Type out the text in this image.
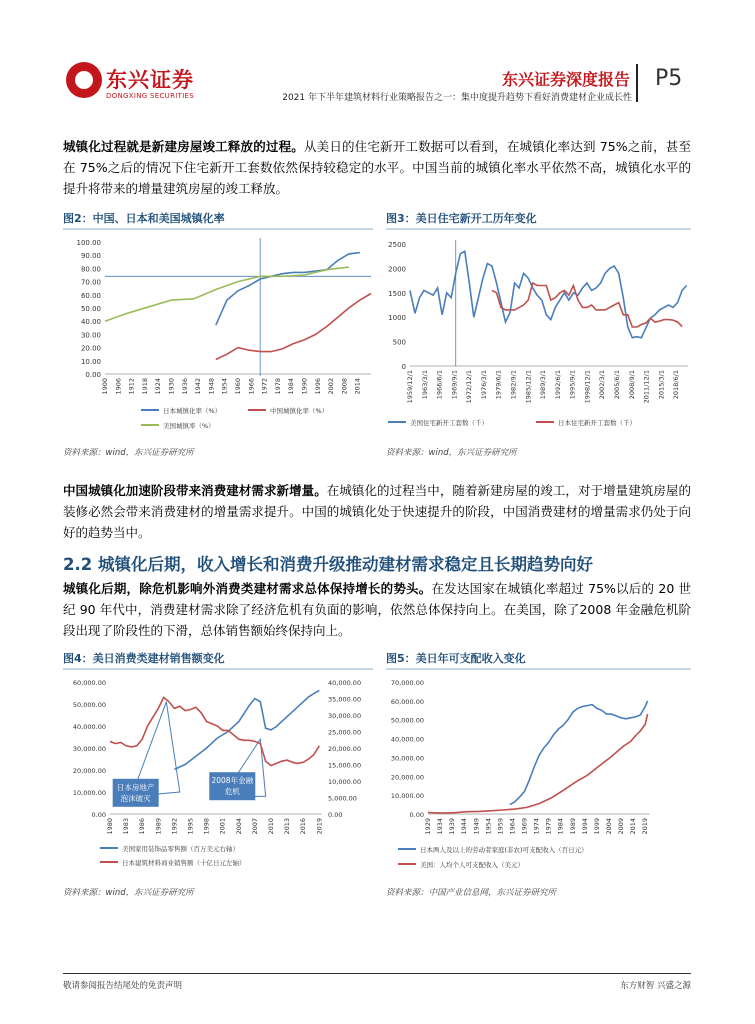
东兴证券
DONGXING SECURITIES
东兴证券深度报告
2021 年下半年建筑材料行业策略报告之一：集中度提升趋势下看好消费建材企业成长性
P5
城镇化过程就是新建房屋竣工释放的过程。从美日的住宅新开工数据可以看到，在城镇化率达到 75%之前，甚至在 75%之后的情况下住宅新开工套数依然保持较稳定的水平。中国当前的城镇化率水平依然不高，城镇化水平的提升将带来的增量建筑房屋的竣工释放。
图2：中国、日本和美国城镇化率
0.00
10.00
20.00
30.00
40.00
50.00
60.00
70.00
80.00
90.00
100.00
1900 1906 1912 1918 1924 1930 1936 1942 1948 1954 1960 1966 1972 1978 1984 1990 1996 2002 2008 2014
日本城镇化率（%）	中国城镇化率（%）
美国城镇率（%）
图3：美日住宅新开工历年变化
0
500
1000
1500
2000
2500
1959/12/1 1963/3/1 1966/6/1 1969/9/1 1972/12/1 1976/3/1 1979/6/1 1982/9/1 1985/12/1 1989/3/1 1992/6/1 1995/9/1 1998/12/1 2002/3/1 2005/6/1 2008/9/1 2011/12/1 2015/3/1 2018/6/1
美国住宅新开工套数（千）	日本住宅新开工套数（千）
资料来源：wind，东兴证券研究所	资料来源：wind，东兴证券研究所
中国城镇化加速阶段带来消费建材需求新增量。在城镇化的过程当中，随着新建房屋的竣工，对于增量建筑房屋的装修必然会带来消费建材的增量需求提升。中国的城镇化处于快速提升的阶段，中国消费建材的增量需求仍处于向好的趋势当中。
2.2 城镇化后期，收入增长和消费升级推动建材需求稳定且长期趋势向好
城镇化后期，除危机影响外消费类建材需求总体保持增长的势头。在发达国家在城镇化率超过 75%以后的 20 世纪 90 年代中，消费建材需求除了经济危机有负面的影响，依然总体保持向上。在美国，除了2008 年金融危机阶段出现了阶段性的下滑，总体销售额始终保持向上。
图4：美日消费类建材销售额变化
0.00
10,000.00
20,000.00
30,000.00
40,000.00
50,000.00
60,000.00
0.00
5,000.00
10,000.00
15,000.00
20,000.00
25,000.00
30,000.00
35,000.00
40,000.00
1980 1983 1986 1989 1992 1995 1998 2001 2004 2007 2010 2013 2016 2019
日本房地产
泡沫破灭
2008年金融
危机
美国家用装饰品零售额（百万美元右轴）
日本建筑材料商业销售额（十亿日元左轴）
图5：美日年可支配收入变化
0.00
10,000.00
20,000.00
30,000.00
40,000.00
50,000.00
60,000.00
70,000.00
1929 1934 1939 1944 1949 1954 1959 1964 1969 1974 1979 1984 1989 1994 1999 2004 2009 2014 2019
日本两人及以上的劳动者家庭(非农)可支配收入（百日元）
美国：人均个人可支配收入（美元）
资料来源：wind，东兴证券研究所	资料来源：中国产业信息网，东兴证券研究所
敬请参阅报告结尾处的免责声明	东方财智 兴盛之源
